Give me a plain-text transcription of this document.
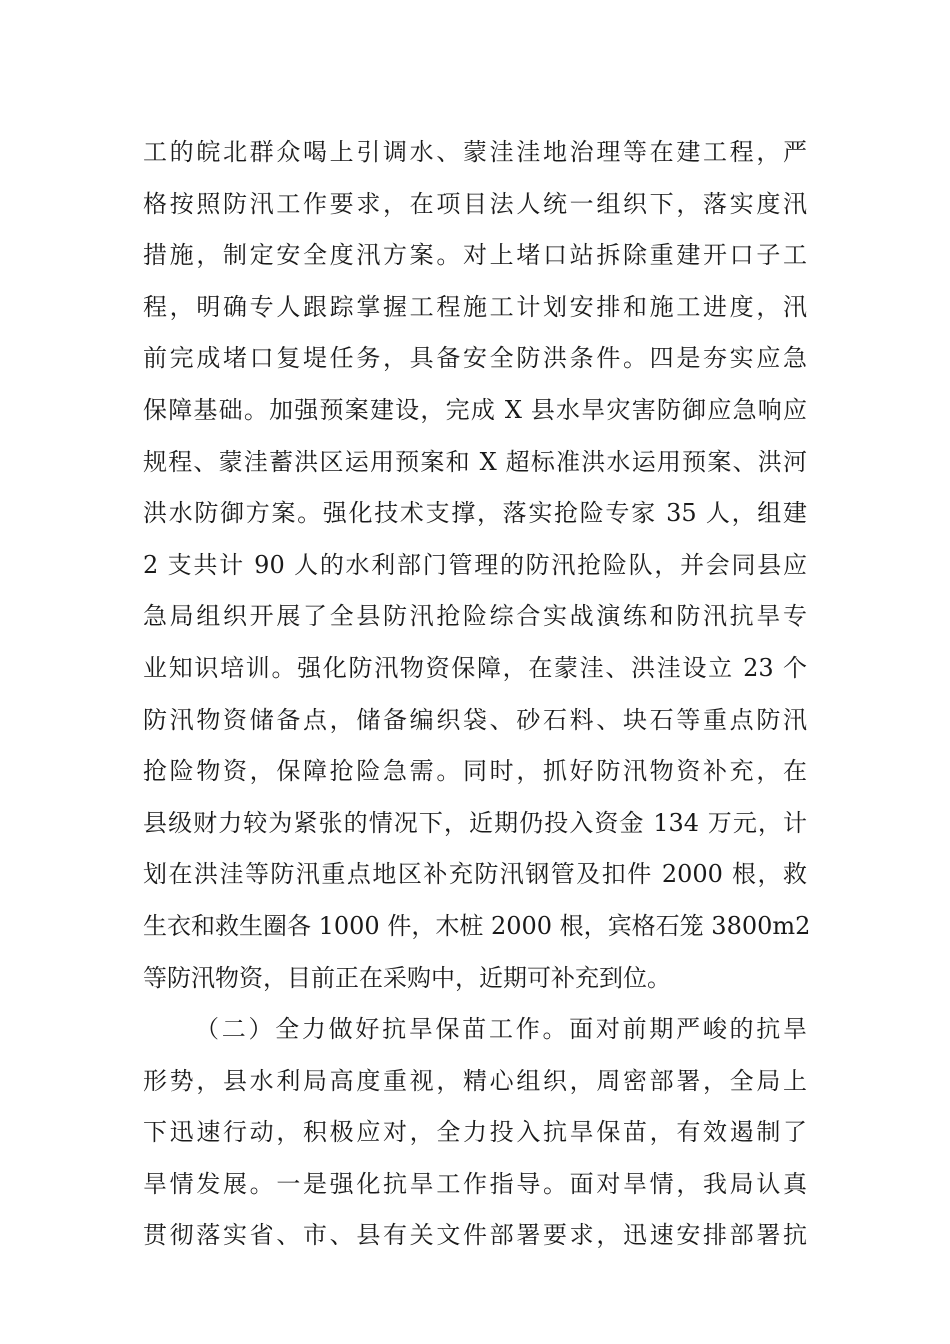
工的皖北群众喝上引调水、蒙洼洼地治理等在建工程，严
格按照防汛工作要求，在项目法人统一组织下，落实度汛
措施，制定安全度汛方案。对上堵口站拆除重建开口子工
程，明确专人跟踪掌握工程施工计划安排和施工进度，汛
前完成堵口复堤任务，具备安全防洪条件。四是夯实应急
保障基础。加强预案建设，完成 X 县水旱灾害防御应急响应
规程、蒙洼蓄洪区运用预案和 X 超标准洪水运用预案、洪河
洪水防御方案。强化技术支撑，落实抢险专家 35 人，组建
2 支共计 90 人的水利部门管理的防汛抢险队，并会同县应
急局组织开展了全县防汛抢险综合实战演练和防汛抗旱专
业知识培训。强化防汛物资保障，在蒙洼、洪洼设立 23 个
防汛物资储备点，储备编织袋、砂石料、块石等重点防汛
抢险物资，保障抢险急需。同时，抓好防汛物资补充，在
县级财力较为紧张的情况下，近期仍投入资金 134 万元，计
划在洪洼等防汛重点地区补充防汛钢管及扣件 2000 根，救
生衣和救生圈各 1000 件，木桩 2000 根，宾格石笼 3800m2
等防汛物资，目前正在采购中，近期可补充到位。
（二）全力做好抗旱保苗工作。面对前期严峻的抗旱
形势，县水利局高度重视，精心组织，周密部署，全局上
下迅速行动，积极应对，全力投入抗旱保苗，有效遏制了
旱情发展。一是强化抗旱工作指导。面对旱情，我局认真
贯彻落实省、市、县有关文件部署要求，迅速安排部署抗
